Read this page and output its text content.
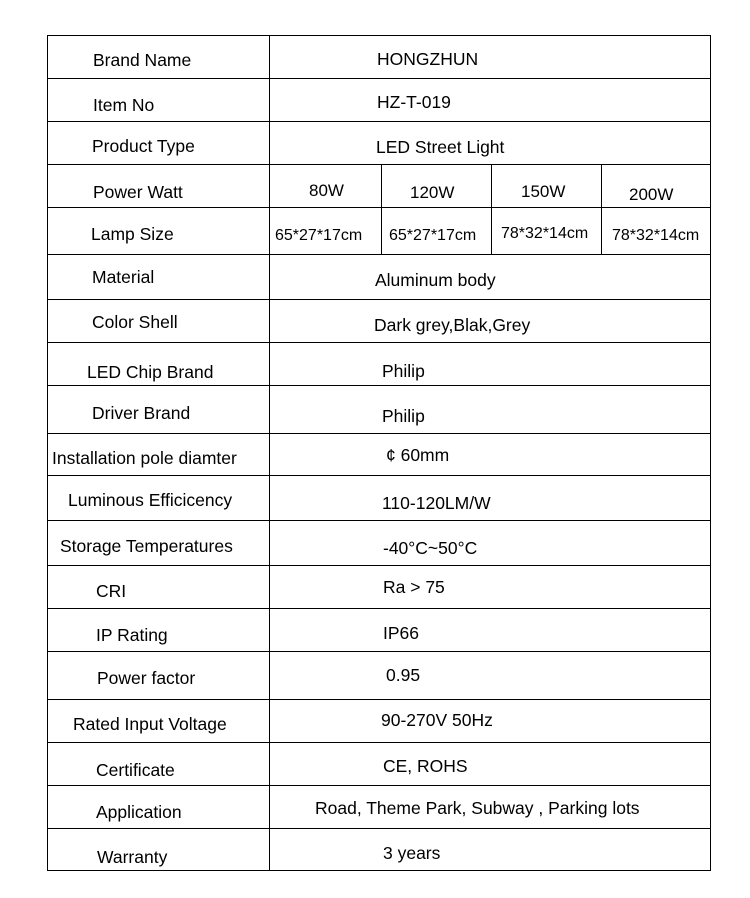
Brand Name	HONGZHUN
Item No	HZ-T-019
Product Type	LED Street Light
Power Watt	80W	120W	150W	200W
Lamp Size	65*27*17cm 65*27*17cm 78*32*14cm 78*32*14cm
Material	Aluminum body
Color Shell	Dark grey,Blak,Grey
LED Chip Brand	Philip
Driver Brand	Philip
Installation pole diamter	¢ 60mm
Luminous Efficicency	110-120LM/W
Storage Temperatures	-40°C~50°C
CRI	Ra > 75
IP Rating	IP66
Power factor	0.95
Rated Input Voltage	90-270V 50Hz
Certificate	CE, ROHS
Application	Road, Theme Park, Subway , Parking lots
Warranty	3 years
